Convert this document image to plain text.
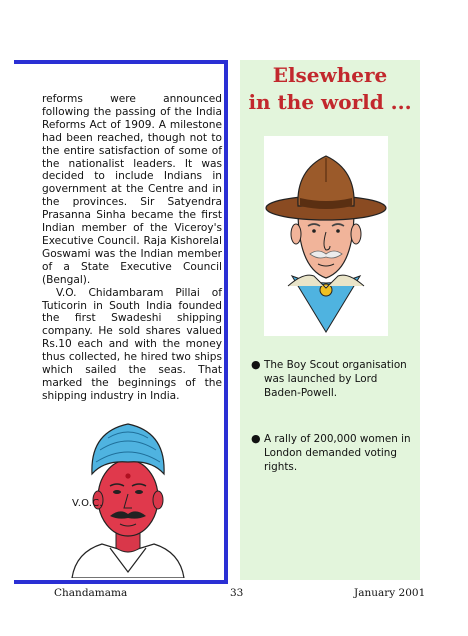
reforms were announced following the passing of the India Reforms Act of 1909. A milestone had been reached, though not to the entire satisfaction of some of the nationalist leaders. It was decided to include Indians in government at the Centre and in the provinces. Sir Satyendra Prasanna Sinha became the first Indian member of the Viceroy's Executive Council. Raja Kishorelal Goswami was the Indian member of a State Executive Council (Bengal).

V.O. Chidambaram Pillai of Tuticorin in South India founded the first Swadeshi shipping company. He sold shares valued Rs.10 each and with the money thus collected, he hired two ships which sailed the seas. That marked the beginnings of the shipping industry in India.

V.O.C.
Elsewhere
in the world ...
● The Boy Scout organisation was launched by Lord Baden-Powell.
● A rally of 200,000 women in London demanded voting rights.
Chandamama	33	January 2001
